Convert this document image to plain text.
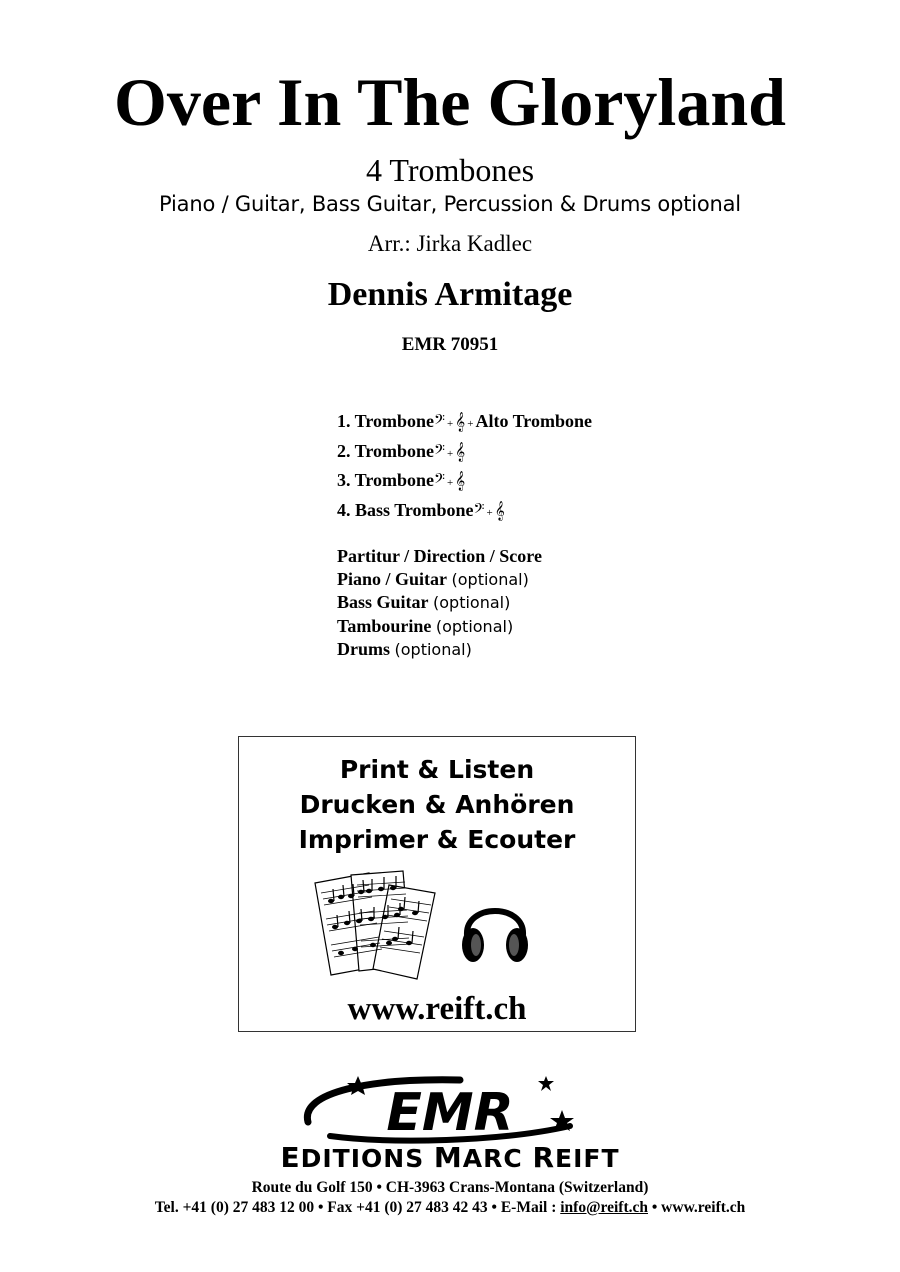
Over In The Gloryland
4 Trombones
Piano / Guitar, Bass Guitar, Percussion & Drums optional
Arr.: Jirka Kadlec
Dennis Armitage
EMR 70951
1. Trombone𝄢 + 𝄞 + Alto Trombone
2. Trombone𝄢 + 𝄞
3. Trombone𝄢 + 𝄞
4. Bass Trombone𝄢 + 𝄞
Partitur / Direction / Score
Piano / Guitar (optional)
Bass Guitar (optional)
Tambourine (optional)
Drums (optional)
Print & Listen
Drucken & Anhören
Imprimer & Ecouter
www.reift.ch
EMR
EDITIONS MARC REIFT
Route du Golf 150 • CH-3963 Crans-Montana (Switzerland)
Tel. +41 (0) 27 483 12 00 • Fax +41 (0) 27 483 42 43 • E-Mail : info@reift.ch • www.reift.ch
